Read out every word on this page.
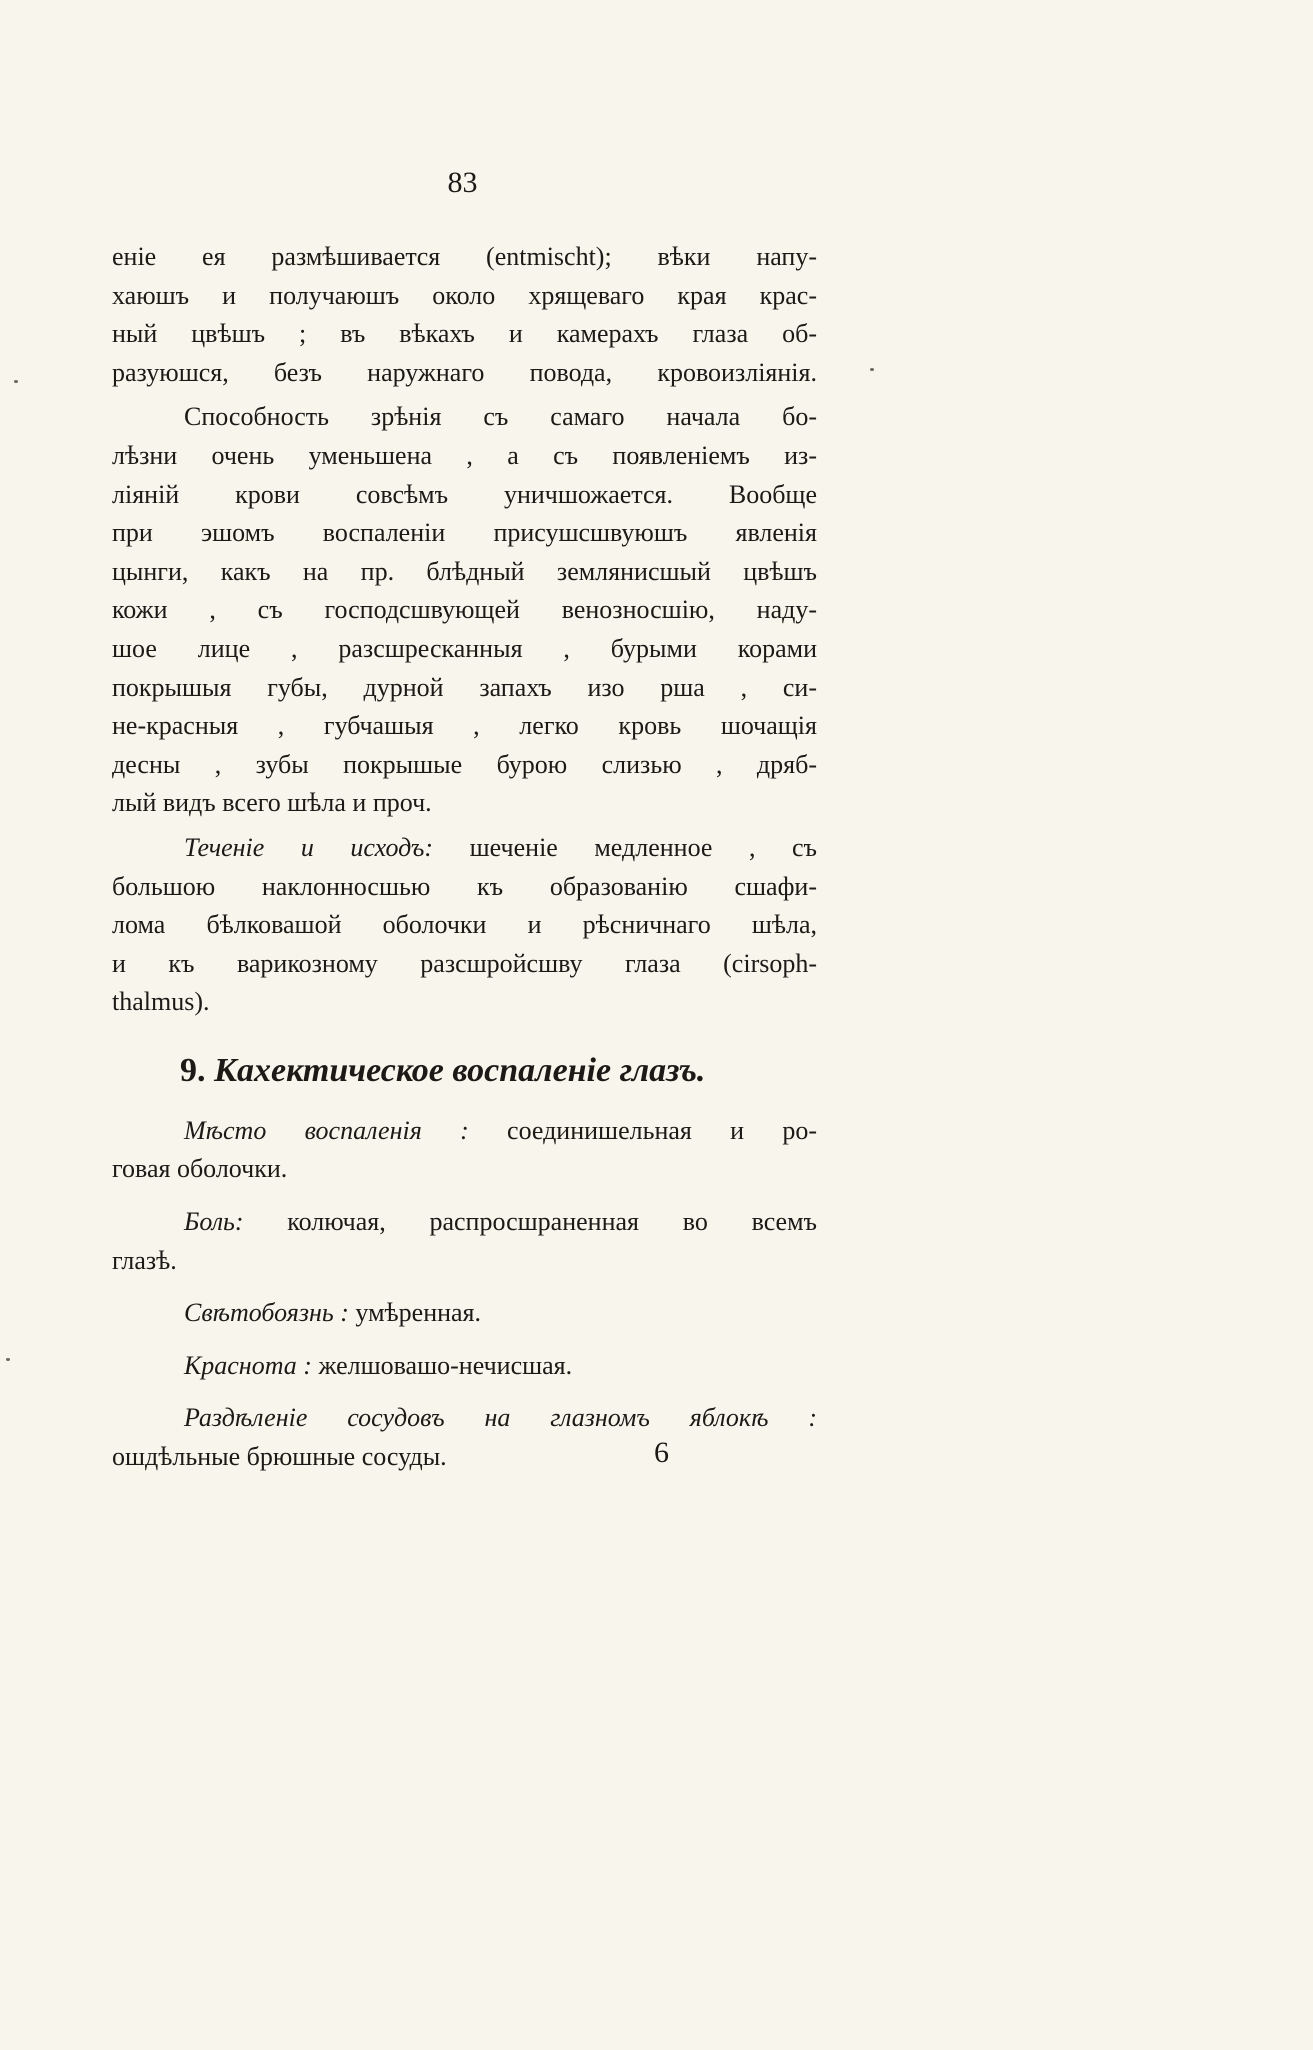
83

еніе ея размѣшиваетcя (entmischt); вѣки напу-
хаюшъ и получаюшъ около хрящеваго края крас-
ный цвѣшъ ; въ вѣкахъ и камерахъ глаза об-
разуюшся, безъ наружнаго повода, кровоизліянія.

Способность зрѣнія съ самаго начала бо-
лѣзни очень уменьшена , а съ появленіемъ из-
ліяній крови совсѣмъ уничшожается. Вообще
при эшомъ воспаленіи присушсшвуюшъ явленія
цынги, какъ на пр. блѣдный землянисшый цвѣшъ
кожи , съ господсшвующей венозносшію, наду-
шое лице , разсшресканныя , бурыми корами
покрышыя губы, дурной запахъ изо рша , си-
не-красныя , губчашыя , легко кровь шочащія
десны , зубы покрышые бурою слизью , дряб-
лый видъ всего шѣла и проч.

Теченіе и исходъ: шеченіе медленное , съ
большою наклонносшью къ образованію сшафи-
лома бѣлковашой оболочки и рѣсничнаго шѣла,
и къ варикозному разсшройсшву глаза (cirsoph-
thalmus).

9. Кахектическое воспаленіе глазъ.

Мѣсто воспаленія : соединишельная и ро-
говая оболочки.

Боль: колючая, распросшраненная во всемъ
глазѣ.

Свѣтобоязнь : умѣренная.

Краснота : желшовашо-нечисшая.

Раздѣленіе сосудовъ на глазномъ яблокѣ :
ошдѣльные брюшные сосуды.	6
